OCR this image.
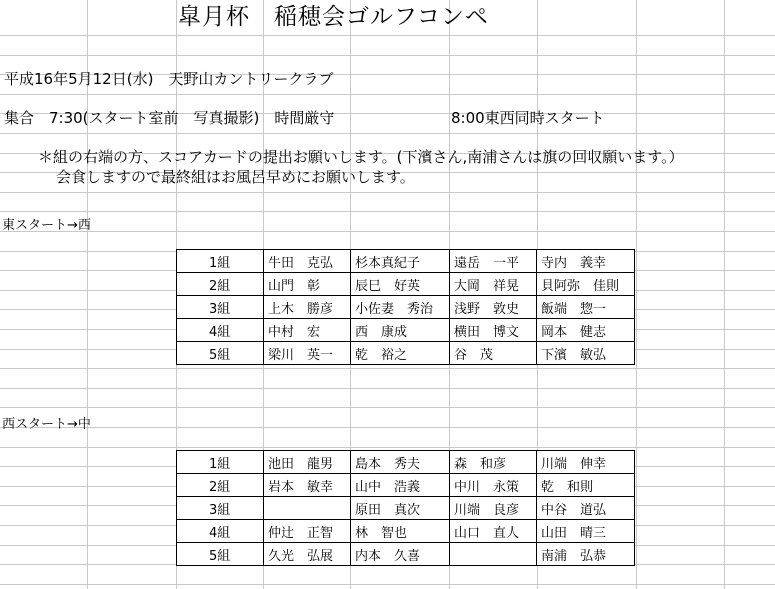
皐月杯　稲穂会ゴルフコンペ
平成16年5月12日(水)　天野山カントリークラブ
集合　7:30(スタート室前　写真撮影)　時間厳守	8:00東西同時スタート
＊組の右端の方、スコアカードの提出お願いします。(下濱さん,南浦さんは旗の回収願います。）
会食しますので最終組はお風呂早めにお願いします。
東スタート→西
1組	牛田　克弘	杉本真紀子	遠岳　一平	寺内　義幸
2組	山門　彰	辰巳　好英	大岡　祥晃	貝阿弥　佳則
3組	上木　勝彦	小佐妻　秀治	浅野　敦史	飯端　惣一
4組	中村　宏	西　康成	横田　博文	岡本　健志
5組	梁川　英一	乾　裕之	谷　茂	下濱　敏弘
西スタート→中
1組	池田　龍男	島本　秀夫	森　和彦	川端　伸幸
2組	岩本　敏幸	山中　浩義	中川　永策	乾　和則
3組		原田　真次	川端　良彦	中谷　道弘
4組	仲辻　正智	林　智也	山口　直人	山田　晴三
5組	久光　弘展	内本　久喜		南浦　弘恭
